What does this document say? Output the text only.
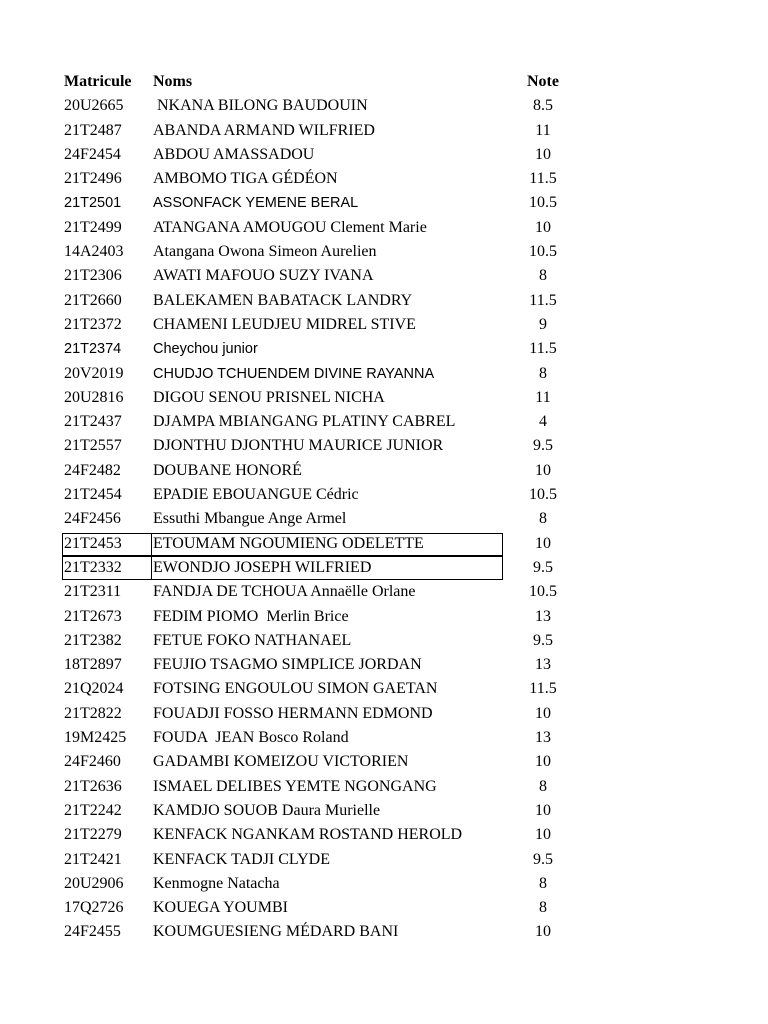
Matricule	Noms	Note
20U2665	NKANA BILONG BAUDOUIN	8.5
21T2487	ABANDA ARMAND WILFRIED	11
24F2454	ABDOU AMASSADOU	10
21T2496	AMBOMO TIGA GÉDÉON	11.5
21T2501	ASSONFACK YEMENE BERAL	10.5
21T2499	ATANGANA AMOUGOU Clement Marie	10
14A2403	Atangana Owona Simeon Aurelien	10.5
21T2306	AWATI MAFOUO SUZY IVANA	8
21T2660	BALEKAMEN BABATACK LANDRY	11.5
21T2372	CHAMENI LEUDJEU MIDREL STIVE	9
21T2374	Cheychou junior	11.5
20V2019	CHUDJO TCHUENDEM DIVINE RAYANNA	8
20U2816	DIGOU SENOU PRISNEL NICHA	11
21T2437	DJAMPA MBIANGANG PLATINY CABREL	4
21T2557	DJONTHU DJONTHU MAURICE JUNIOR	9.5
24F2482	DOUBANE HONORÉ	10
21T2454	EPADIE EBOUANGUE Cédric	10.5
24F2456	Essuthi Mbangue Ange Armel	8
21T2453	ETOUMAM NGOUMIENG ODELETTE	10
21T2332	EWONDJO JOSEPH WILFRIED	9.5
21T2311	FANDJA DE TCHOUA Annaëlle Orlane	10.5
21T2673	FEDIM PIOMO  Merlin Brice	13
21T2382	FETUE FOKO NATHANAEL	9.5
18T2897	FEUJIO TSAGMO SIMPLICE JORDAN	13
21Q2024	FOTSING ENGOULOU SIMON GAETAN	11.5
21T2822	FOUADJI FOSSO HERMANN EDMOND	10
19M2425	FOUDA  JEAN Bosco Roland	13
24F2460	GADAMBI KOMEIZOU VICTORIEN	10
21T2636	ISMAEL DELIBES YEMTE NGONGANG	8
21T2242	KAMDJO SOUOB Daura Murielle	10
21T2279	KENFACK NGANKAM ROSTAND HEROLD	10
21T2421	KENFACK TADJI CLYDE	9.5
20U2906	Kenmogne Natacha	8
17Q2726	KOUEGA YOUMBI	8
24F2455	KOUMGUESIENG MÉDARD BANI	10
